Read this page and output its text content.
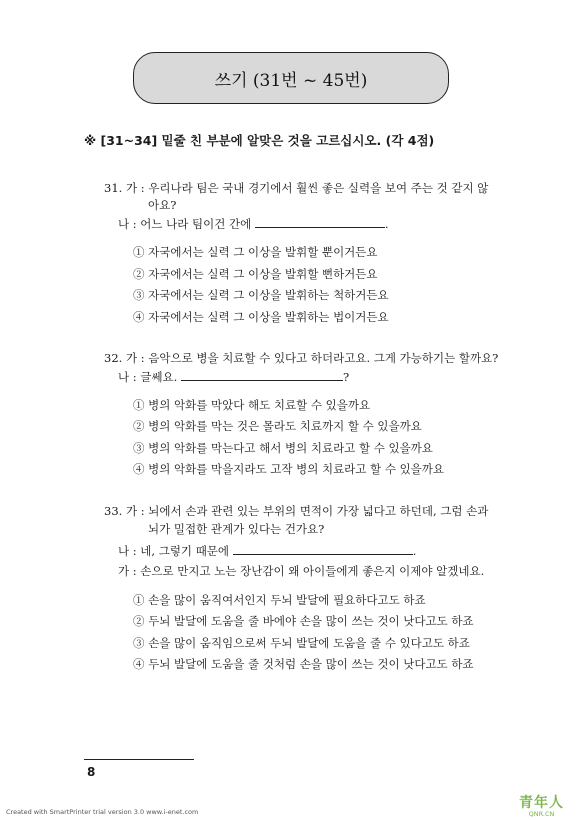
쓰기 (31번 ~ 45번)
※ [31~34] 밑줄 친 부분에 알맞은 것을 고르십시오. (각 4점)
31. 가 : 우리나라 팀은 국내 경기에서 훨씬 좋은 실력을 보여 주는 것 같지 않
아요?
나 : 어느 나라 팀이건 간에	.
① 자국에서는 실력 그 이상을 발휘할 뿐이거든요
② 자국에서는 실력 그 이상을 발휘할 뻔하거든요
③ 자국에서는 실력 그 이상을 발휘하는 척하거든요
④ 자국에서는 실력 그 이상을 발휘하는 법이거든요
32. 가 : 음악으로 병을 치료할 수 있다고 하더라고요. 그게 가능하기는 할까요?
나 : 글쎄요.	?
① 병의 악화를 막았다 해도 치료할 수 있을까요
② 병의 악화를 막는 것은 몰라도 치료까지 할 수 있을까요
③ 병의 악화를 막는다고 해서 병의 치료라고 할 수 있을까요
④ 병의 악화를 막을지라도 고작 병의 치료라고 할 수 있을까요
33. 가 : 뇌에서 손과 관련 있는 부위의 면적이 가장 넓다고 하던데, 그럼 손과
뇌가 밀접한 관계가 있다는 건가요?
나 : 네, 그렇기 때문에	.
가 : 손으로 만지고 노는 장난감이 왜 아이들에게 좋은지 이제야 알겠네요.
① 손을 많이 움직여서인지 두뇌 발달에 필요하다고도 하죠
② 두뇌 발달에 도움을 줄 바에야 손을 많이 쓰는 것이 낫다고도 하죠
③ 손을 많이 움직임으로써 두뇌 발달에 도움을 줄 수 있다고도 하죠
④ 두뇌 발달에 도움을 줄 것처럼 손을 많이 쓰는 것이 낫다고도 하죠
8
Created with SmartPrinter trial version 3.0 www.i-enet.com
青年人
QNR.CN
